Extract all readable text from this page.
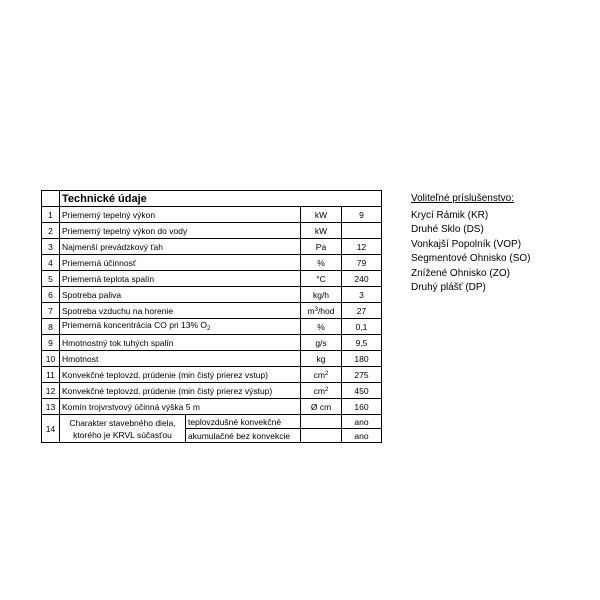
	Technické údaje			
1	Priemerný tepelný výkon		kW	9
2	Priemerný tepelný výkon do vody		kW	
3	Najmenší prevádzkový ťah		Pa	12
4	Priemerná účinnosť		%	79
5	Priemerná teplota spalín		°C	240
6	Spotreba paliva		kg/h	3
7	Spotreba vzduchu na horenie		$m^3$/hod	27
8	Priemerná koncentrácia CO pri 13% $O_2$		%	0,1
9	Hmotnostný tok tuhých spalín		g/s	9,5
10	Hmotnost		kg	180
11	Konvekčné teplovzd. prúdenie (min čistý prierez vstup)		$cm^2$	275
12	Konvekčné teplovzd. prúdenie (min čistý prierez výstup)		$cm^2$	450
13	Komín trojvrstvový účinná výška 5 m		Ø cm	160
14	Charakter stavebného diela,
ktorého je KRVL súčasťou	teplovzdušné konvekčné		ano
		akumulačné bez konvekcie		ano
Voliteľné príslušenstvo:
Krycí Rámik (KR)
Druhé Sklo (DS)
Vonkajší Popolník (VOP)
Segmentové Ohnisko (SO)
Znížené Ohnisko (ZO)
Druhý plášť (DP)
